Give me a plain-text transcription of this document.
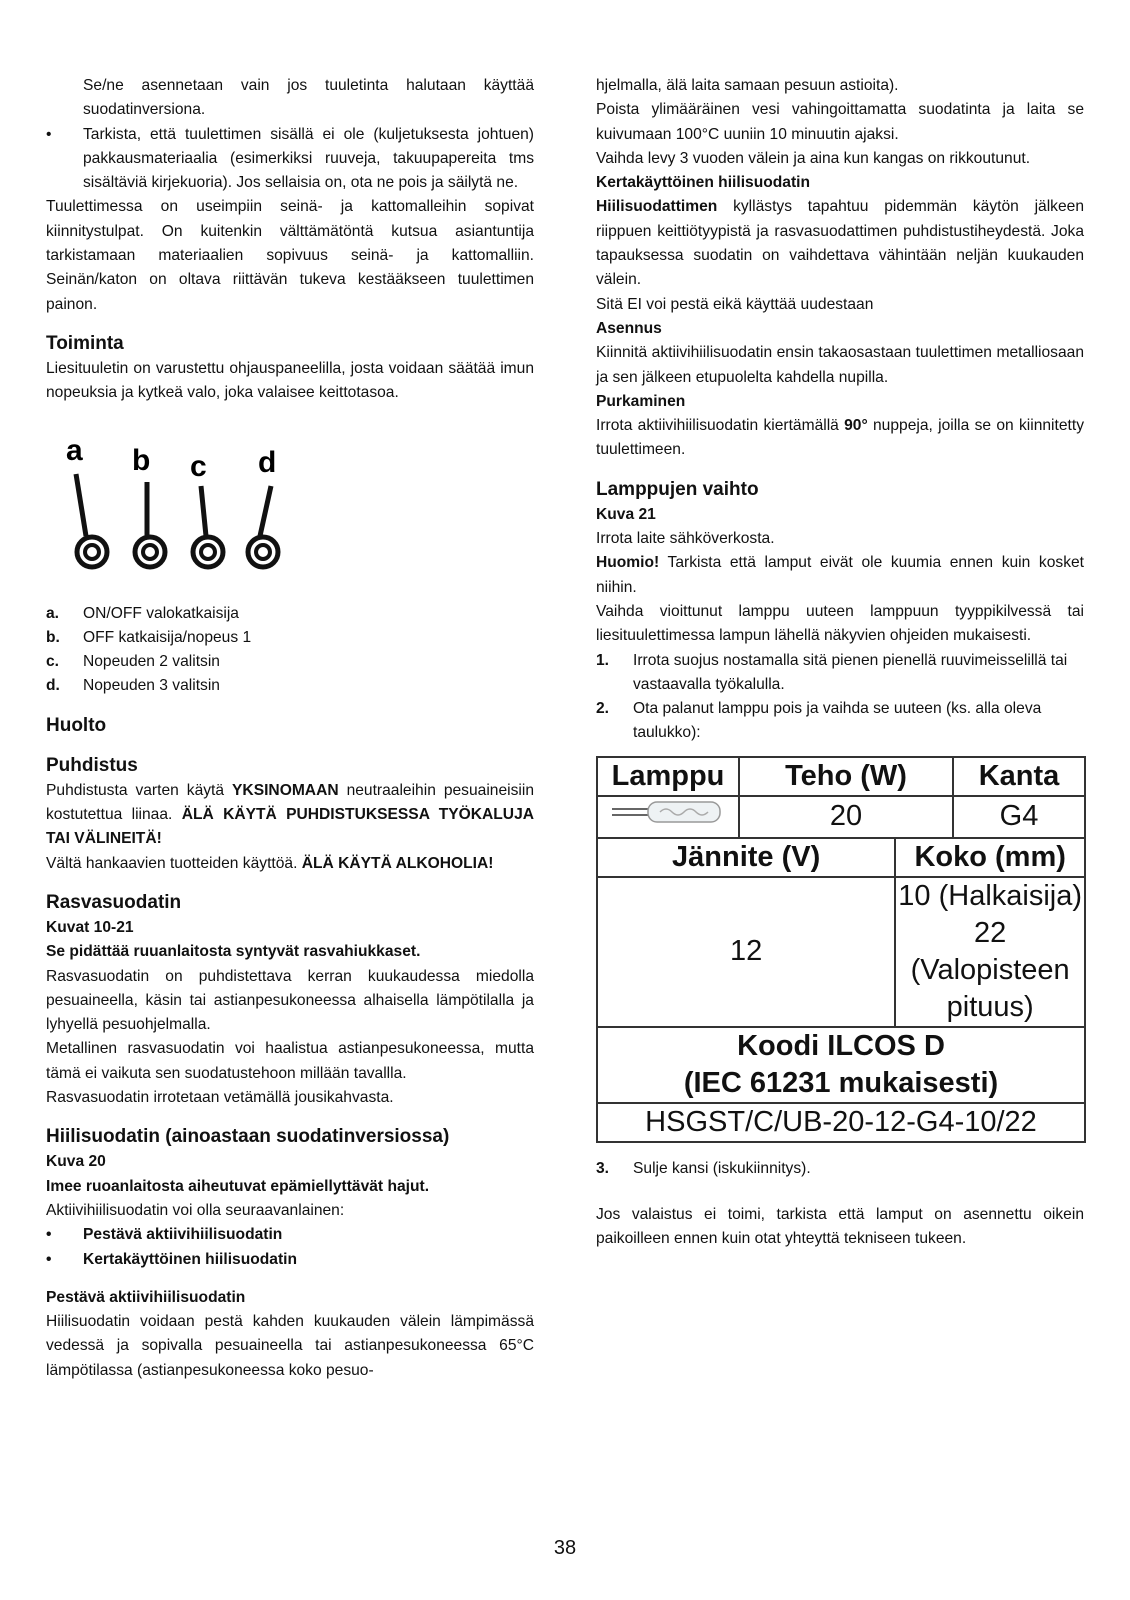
Se/ne asennetaan vain jos tuuletinta halutaan käyttää suodatinversiona.

• Tarkista, että tuulettimen sisällä ei ole (kuljetuksesta johtuen) pakkausmateriaalia (esimerkiksi ruuveja, takuupapereita tms sisältäviä kirjekuoria). Jos sellaisia on, ota ne pois ja säilytä ne.

Tuulettimessa on useimpiin seinä- ja kattomalleihin sopivat kiinnitystulpat. On kuitenkin välttämätöntä kutsua asiantuntija tarkistamaan materiaalien sopivuus seinä- ja kattomalliin. Seinän/katon on oltava riittävän tukeva kestääkseen tuulettimen painon.

Toiminta

Liesituuletin on varustettu ohjauspaneelilla, josta voidaan säätää imun nopeuksia ja kytkeä valo, joka valaisee keittotasoa.

a b c d
a. ON/OFF valokatkaisija
b. OFF katkaisija/nopeus 1
c. Nopeuden 2 valitsin
d. Nopeuden 3 valitsin

Huolto

Puhdistus

Puhdistusta varten käytä YKSINOMAAN neutraaleihin pesuaineisiin kostutettua liinaa. ÄLÄ KÄYTÄ PUHDISTUKSESSA TYÖKALUJA TAI VÄLINEITÄ!

Vältä hankaavien tuotteiden käyttöä. ÄLÄ KÄYTÄ ALKOHOLIA!

Rasvasuodatin

Kuvat 10-21

Se pidättää ruuanlaitosta syntyvät rasvahiukkaset.

Rasvasuodatin on puhdistettava kerran kuukaudessa miedolla pesuaineella, käsin tai astianpesukoneessa alhaisella lämpötilalla ja lyhyellä pesuohjelmalla.

Metallinen rasvasuodatin voi haalistua astianpesukoneessa, mutta tämä ei vaikuta sen suodatustehoon millään tavallla.

Rasvasuodatin irrotetaan vetämällä jousikahvasta.

Hiilisuodatin (ainoastaan suodatinversiossa)

Kuva 20

Imee ruoanlaitosta aiheutuvat epämiellyttävät hajut.

Aktiivihiilisuodatin voi olla seuraavanlainen:

• Pestävä aktiivihiilisuodatin
• Kertakäyttöinen hiilisuodatin

Pestävä aktiivihiilisuodatin

Hiilisuodatin voidaan pestä kahden kuukauden välein lämpimässä vedessä ja sopivalla pesuaineella tai astianpesukoneessa 65°C lämpötilassa (astianpesukoneessa koko pesuo-

hjelmalla, älä laita samaan pesuun astioita).

Poista ylimääräinen vesi vahingoittamatta suodatinta ja laita se kuivumaan 100°C uuniin 10 minuutin ajaksi.

Vaihda levy 3 vuoden välein ja aina kun kangas on rikkoutunut.

Kertakäyttöinen hiilisuodatin

Hiilisuodattimen kyllästys tapahtuu pidemmän käytön jälkeen riippuen keittiötyypistä ja rasvasuodattimen puhdistustiheydestä. Joka tapauksessa suodatin on vaihdettava vähintään neljän kuukauden välein.

Sitä EI voi pestä eikä käyttää uudestaan

Asennus

Kiinnitä aktiivihiilisuodatin ensin takaosastaan tuulettimen metalliosaan ja sen jälkeen etupuolelta kahdella nupilla.

Purkaminen

Irrota aktiivihiilisuodatin kiertämällä 90° nuppeja, joilla se on kiinnitetty tuulettimeen.

Lamppujen vaihto

Kuva 21

Irrota laite sähköverkosta.

Huomio! Tarkista että lamput eivät ole kuumia ennen kuin kosket niihin.

Vaihda vioittunut lamppu uuteen lamppuun tyyppikilvessä tai liesituulettimessa lampun lähellä näkyvien ohjeiden mukaisesti.

1. Irrota suojus nostamalla sitä pienen pienellä ruuvimeisselillä tai vastaavalla työkalulla.
2. Ota palanut lamppu pois ja vaihda se uuteen (ks. alla oleva taulukko):
Lamppu	Teho (W)		Kanta
	20		G4
Jännite (V)		Koko (mm)	
12		10 (Halkaisija)
22 (Valopisteen
pituus)	

Koodi ILCOS D
(IEC 61231 mukaisesti)			

HSGST/C/UB-20-12-G4-10/22			
3. Sulje kansi (iskukiinnitys).

Jos valaistus ei toimi, tarkista että lamput on asennettu oikein paikoilleen ennen kuin otat yhteyttä tekniseen tukeen.

38
